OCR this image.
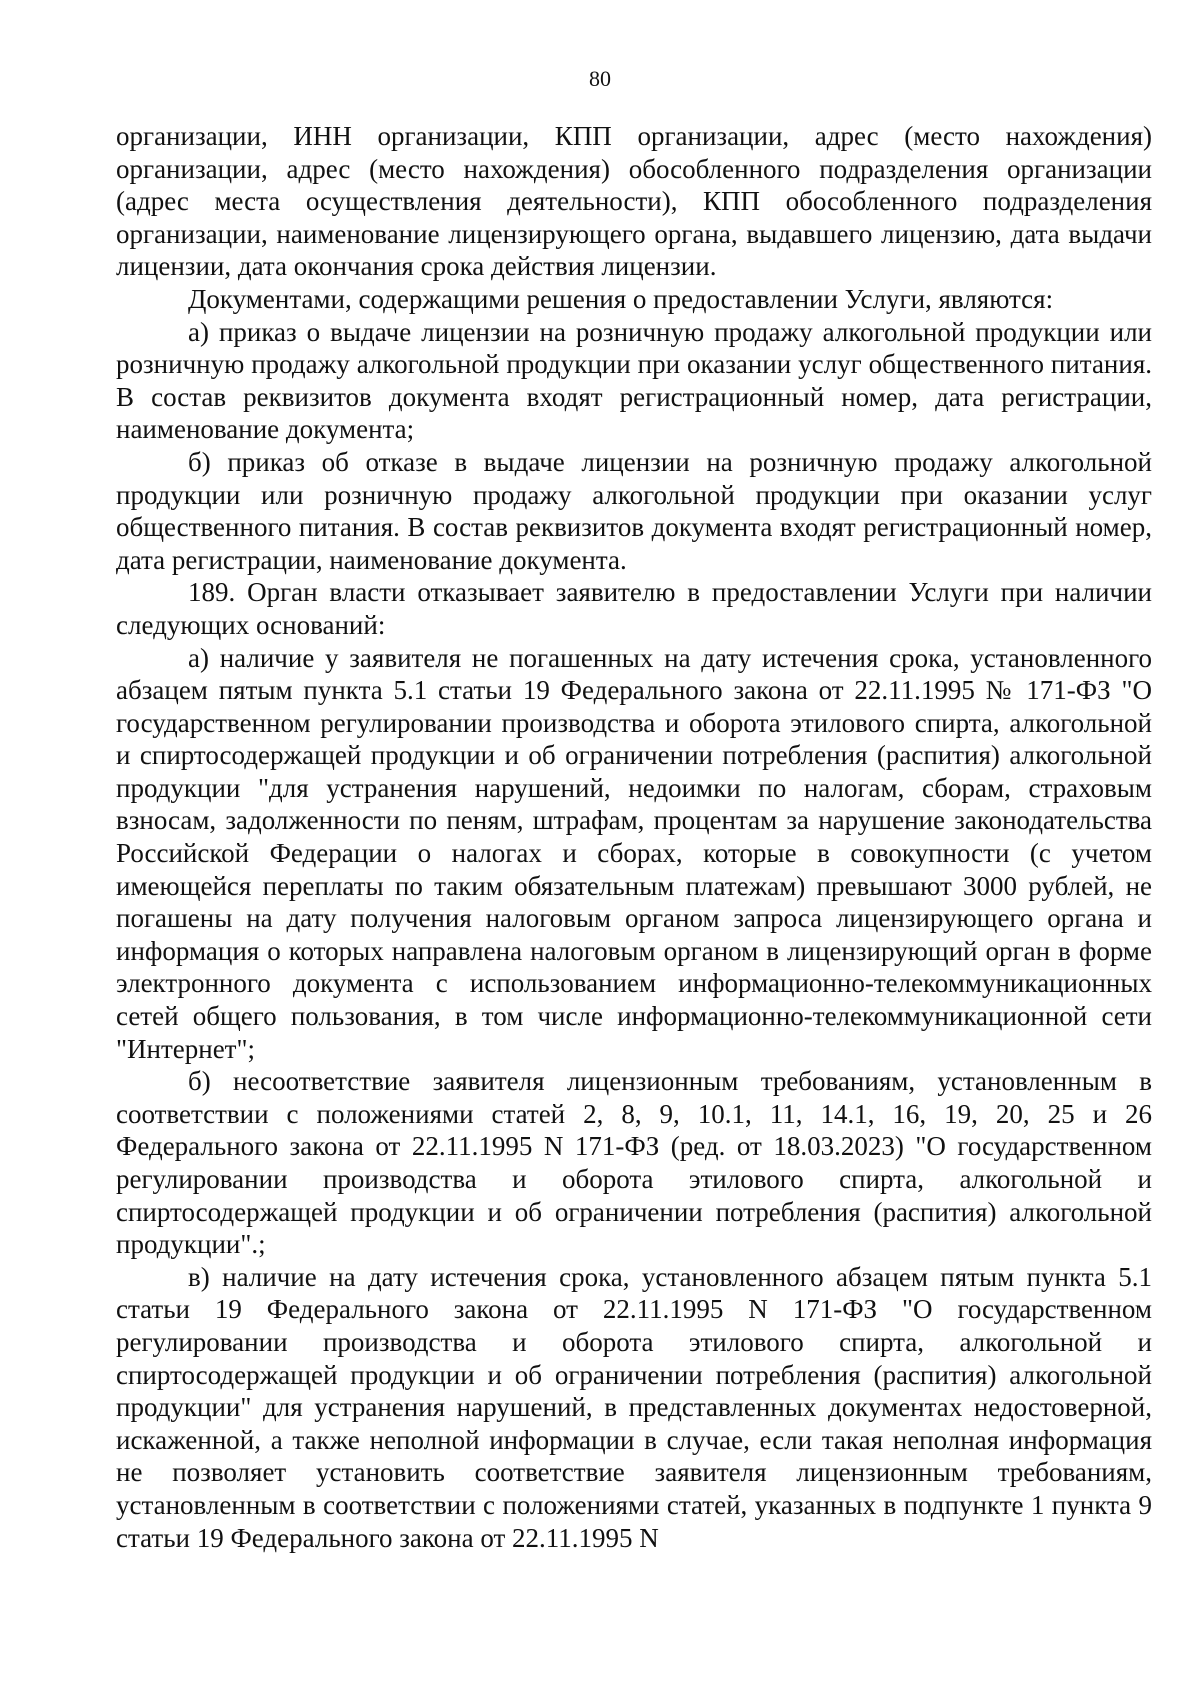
80

организации, ИНН организации, КПП организации, адрес (место нахождения) организации, адрес (место нахождения) обособленного подразделения организации (адрес места осуществления деятельности), КПП обособленного подразделения организации, наименование лицензирующего органа, выдавшего лицензию, дата выдачи лицензии, дата окончания срока действия лицензии.

Документами, содержащими решения о предоставлении Услуги, являются:

а) приказ о выдаче лицензии на розничную продажу алкогольной продукции или розничную продажу алкогольной продукции при оказании услуг общественного питания. В состав реквизитов документа входят регистрационный номер, дата регистрации, наименование документа;

б) приказ об отказе в выдаче лицензии на розничную продажу алкогольной продукции или розничную продажу алкогольной продукции при оказании услуг общественного питания. В состав реквизитов документа входят регистрационный номер, дата регистрации, наименование документа.

189. Орган власти отказывает заявителю в предоставлении Услуги при наличии следующих оснований:

а) наличие у заявителя не погашенных на дату истечения срока, установленного абзацем пятым пункта 5.1 статьи 19 Федерального закона от 22.11.1995 № 171-ФЗ "О государственном регулировании производства и оборота этилового спирта, алкогольной и спиртосодержащей продукции и об ограничении потребления (распития) алкогольной продукции "для устранения нарушений, недоимки по налогам, сборам, страховым взносам, задолженности по пеням, штрафам, процентам за нарушение законодательства Российской Федерации о налогах и сборах, которые в совокупности (с учетом имеющейся переплаты по таким обязательным платежам) превышают 3000 рублей, не погашены на дату получения налоговым органом запроса лицензирующего органа и информация о которых направлена налоговым органом в лицензирующий орган в форме электронного документа с использованием информационно-телекоммуникационных сетей общего пользования, в том числе информационно-телекоммуникационной сети "Интернет";

б) несоответствие заявителя лицензионным требованиям, установленным в соответствии с положениями статей 2, 8, 9, 10.1, 11, 14.1, 16, 19, 20, 25 и 26 Федерального закона от 22.11.1995 N 171-ФЗ (ред. от 18.03.2023) "О государственном регулировании производства и оборота этилового спирта, алкогольной и спиртосодержащей продукции и об ограничении потребления (распития) алкогольной продукции".;

в) наличие на дату истечения срока, установленного абзацем пятым пункта 5.1 статьи 19 Федерального закона от 22.11.1995 N 171-ФЗ "О государственном регулировании производства и оборота этилового спирта, алкогольной и спиртосодержащей продукции и об ограничении потребления (распития) алкогольной продукции" для устранения нарушений, в представленных документах недостоверной, искаженной, а также неполной информации в случае, если такая неполная информация не позволяет установить соответствие заявителя лицензионным требованиям, установленным в соответствии с положениями статей, указанных в подпункте 1 пункта 9 статьи 19 Федерального закона от 22.11.1995 N
